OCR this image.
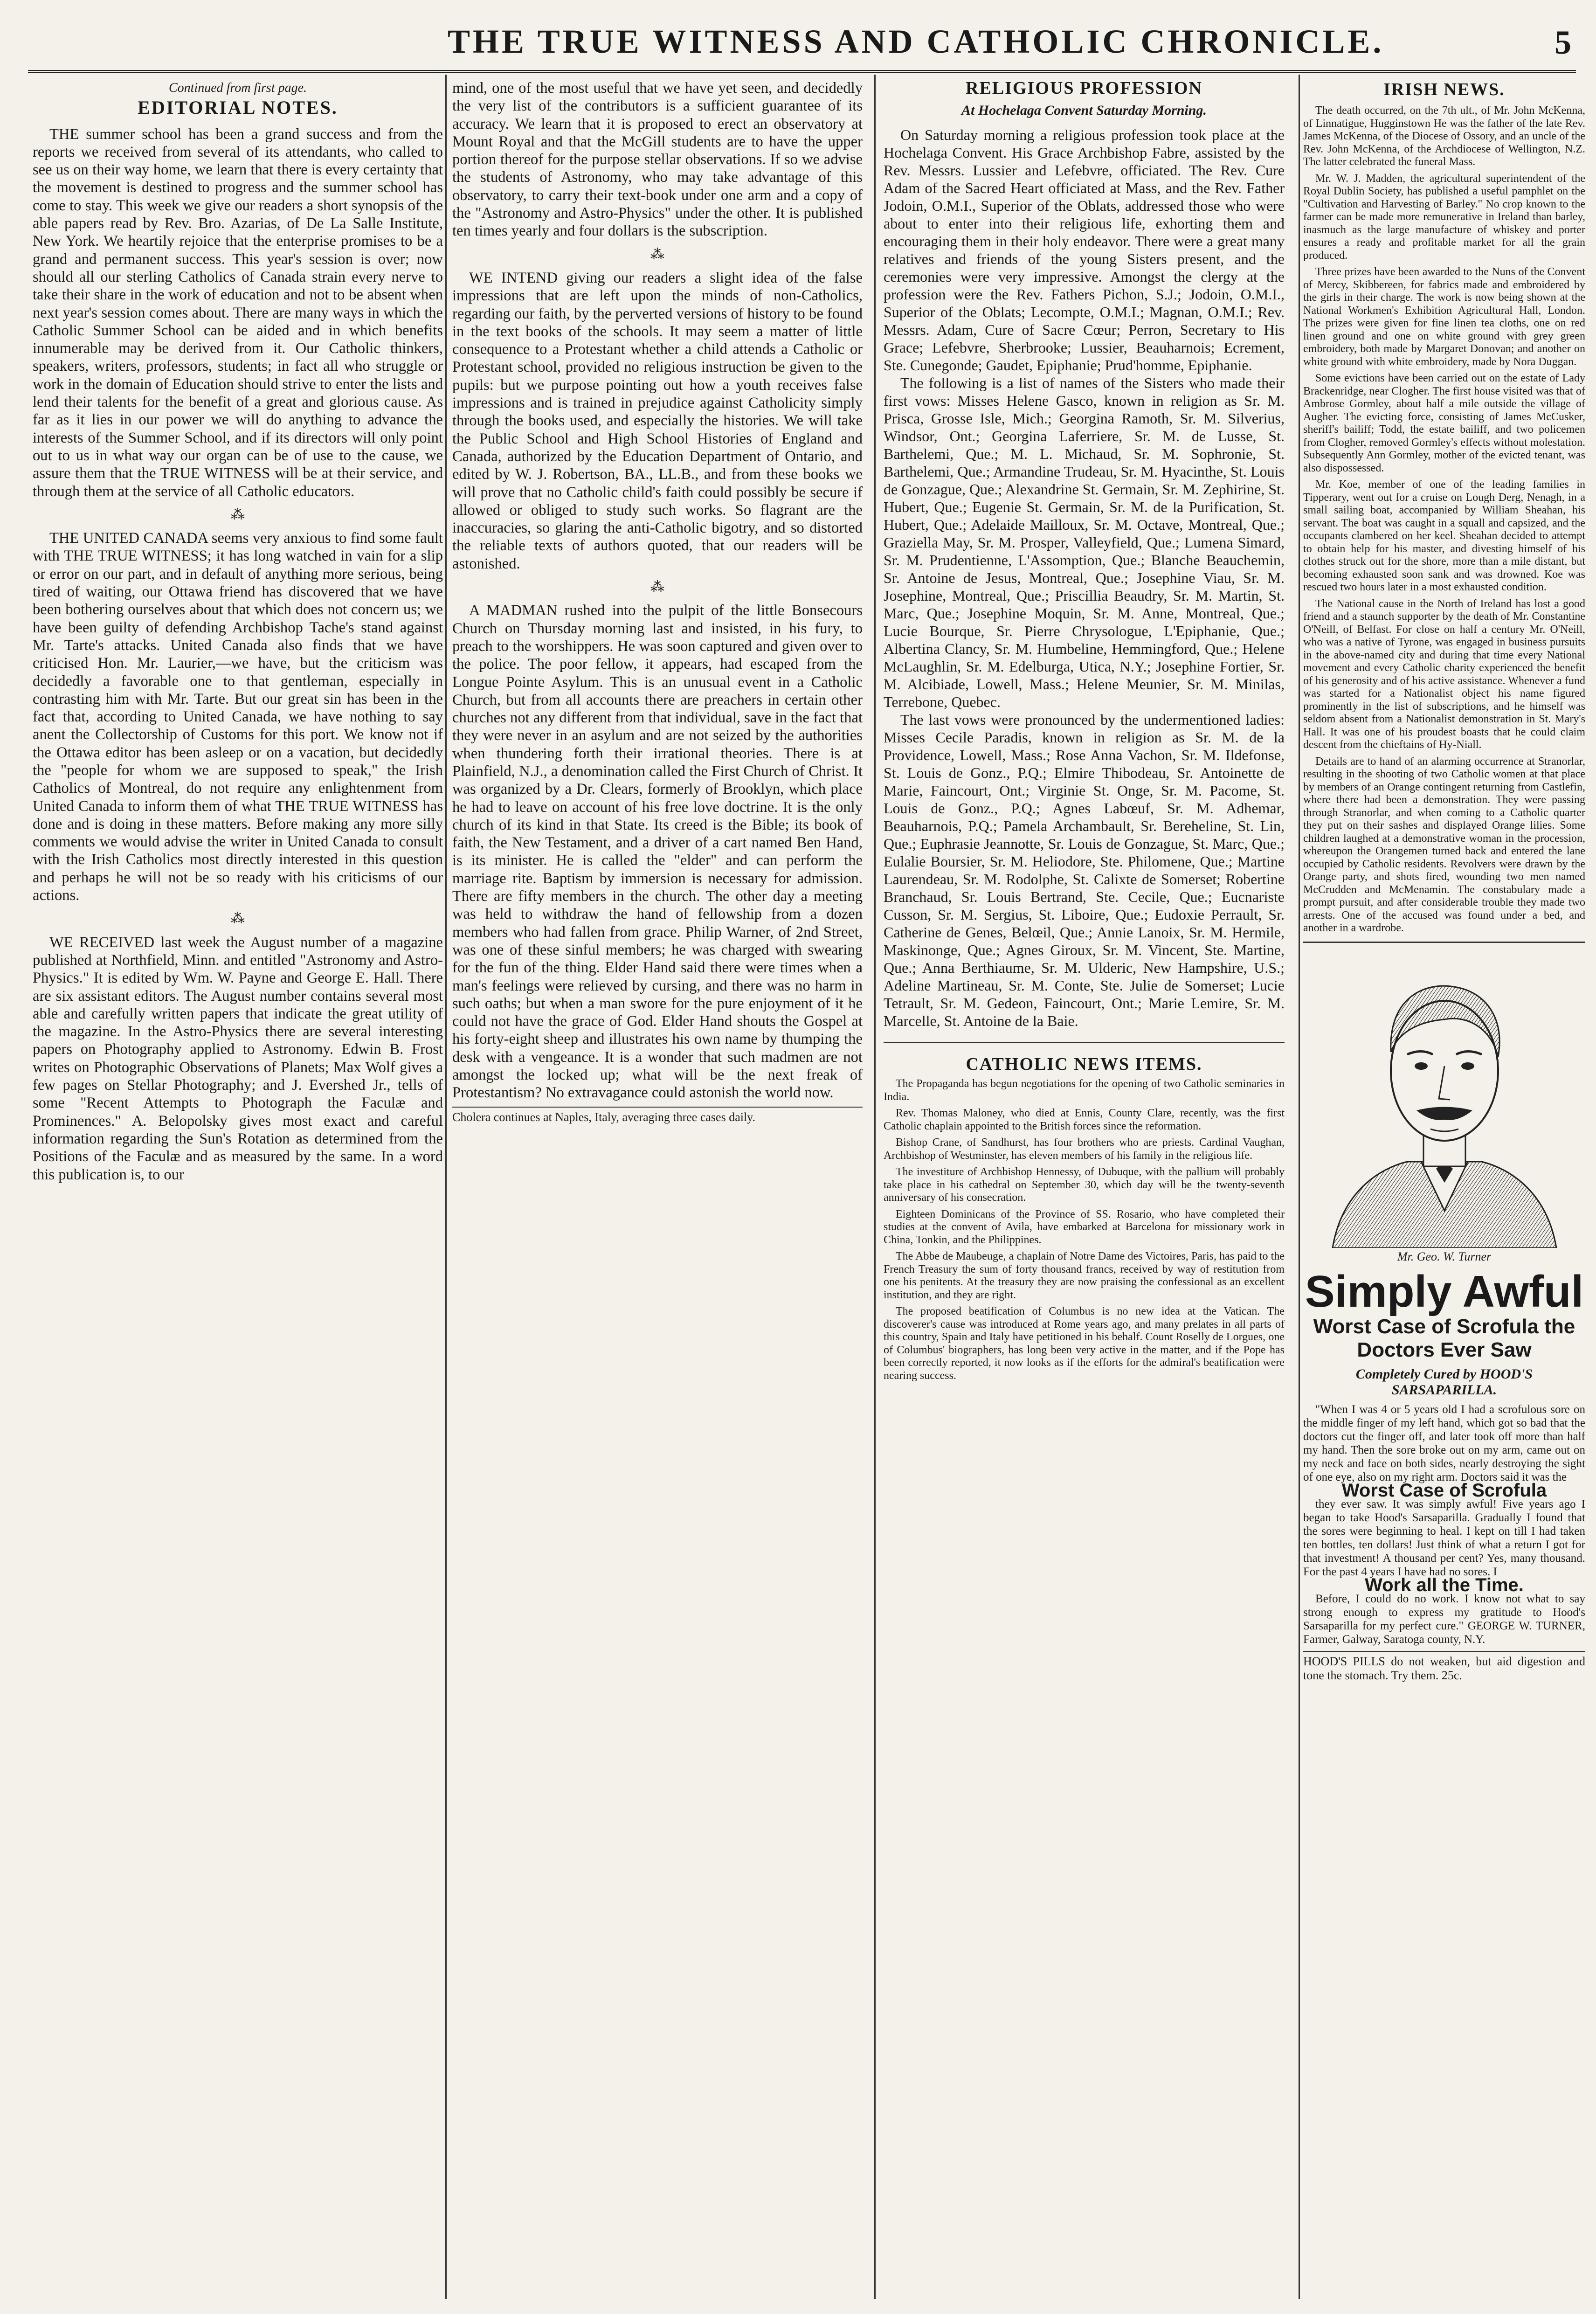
THE TRUE WITNESS AND CATHOLIC CHRONICLE.	5
Continued from first page.
EDITORIAL NOTES.

THE summer school has been a grand success and from the reports we received from several of its attendants, who called to see us on their way home, we learn that there is every certainty that the movement is destined to progress and the summer school has come to stay. This week we give our readers a short synopsis of the able papers read by Rev. Bro. Azarias, of De La Salle Institute, New York. We heartily rejoice that the enterprise promises to be a grand and permanent success. This year's session is over; now should all our sterling Catholics of Canada strain every nerve to take their share in the work of education and not to be absent when next year's session comes about. There are many ways in which the Catholic Summer School can be aided and in which benefits innumerable may be derived from it. Our Catholic thinkers, speakers, writers, professors, students; in fact all who struggle or work in the domain of Education should strive to enter the lists and lend their talents for the benefit of a great and glorious cause. As far as it lies in our power we will do anything to advance the interests of the Summer School, and if its directors will only point out to us in what way our organ can be of use to the cause, we assure them that the TRUE WITNESS will be at their service, and through them at the service of all Catholic educators.

⁂

THE UNITED CANADA seems very anxious to find some fault with THE TRUE WITNESS; it has long watched in vain for a slip or error on our part, and in default of anything more serious, being tired of waiting, our Ottawa friend has discovered that we have been bothering ourselves about that which does not concern us; we have been guilty of defending Archbishop Tache's stand against Mr. Tarte's attacks. United Canada also finds that we have criticised Hon. Mr. Laurier,—we have, but the criticism was decidedly a favorable one to that gentleman, especially in contrasting him with Mr. Tarte. But our great sin has been in the fact that, according to United Canada, we have nothing to say anent the Collectorship of Customs for this port. We know not if the Ottawa editor has been asleep or on a vacation, but decidedly the "people for whom we are supposed to speak," the Irish Catholics of Montreal, do not require any enlightenment from United Canada to inform them of what THE TRUE WITNESS has done and is doing in these matters. Before making any more silly comments we would advise the writer in United Canada to consult with the Irish Catholics most directly interested in this question and perhaps he will not be so ready with his criticisms of our actions.

⁂

WE RECEIVED last week the August number of a magazine published at Northfield, Minn. and entitled "Astronomy and Astro-Physics." It is edited by Wm. W. Payne and George E. Hall. There are six assistant editors. The August number contains several most able and carefully written papers that indicate the great utility of the magazine. In the Astro-Physics there are several interesting papers on Photography applied to Astronomy. Edwin B. Frost writes on Photographic Observations of Planets; Max Wolf gives a few pages on Stellar Photography; and J. Evershed Jr., tells of some "Recent Attempts to Photograph the Faculæ and Prominences." A. Belopolsky gives most exact and careful information regarding the Sun's Rotation as determined from the Positions of the Faculæ and as measured by the same. In a word this publication is, to our

mind, one of the most useful that we have yet seen, and decidedly the very list of the contributors is a sufficient guarantee of its accuracy. We learn that it is proposed to erect an observatory at Mount Royal and that the McGill students are to have the upper portion thereof for the purpose stellar observations. If so we advise the students of Astronomy, who may take advantage of this observatory, to carry their text-book under one arm and a copy of the "Astronomy and Astro-Physics" under the other. It is published ten times yearly and four dollars is the subscription.

⁂

WE INTEND giving our readers a slight idea of the false impressions that are left upon the minds of non-Catholics, regarding our faith, by the perverted versions of history to be found in the text books of the schools. It may seem a matter of little consequence to a Protestant whether a child attends a Catholic or Protestant school, provided no religious instruction be given to the pupils: but we purpose pointing out how a youth receives false impressions and is trained in prejudice against Catholicity simply through the books used, and especially the histories. We will take the Public School and High School Histories of England and Canada, authorized by the Education Department of Ontario, and edited by W. J. Robertson, BA., LL.B., and from these books we will prove that no Catholic child's faith could possibly be secure if allowed or obliged to study such works. So flagrant are the inaccuracies, so glaring the anti-Catholic bigotry, and so distorted the reliable texts of authors quoted, that our readers will be astonished.

⁂

A MADMAN rushed into the pulpit of the little Bonsecours Church on Thursday morning last and insisted, in his fury, to preach to the worshippers. He was soon captured and given over to the police. The poor fellow, it appears, had escaped from the Longue Pointe Asylum. This is an unusual event in a Catholic Church, but from all accounts there are preachers in certain other churches not any different from that individual, save in the fact that they were never in an asylum and are not seized by the authorities when thundering forth their irrational theories. There is at Plainfield, N.J., a denomination called the First Church of Christ. It was organized by a Dr. Clears, formerly of Brooklyn, which place he had to leave on account of his free love doctrine. It is the only church of its kind in that State. Its creed is the Bible; its book of faith, the New Testament, and a driver of a cart named Ben Hand, is its minister. He is called the "elder" and can perform the marriage rite. Baptism by immersion is necessary for admission. There are fifty members in the church. The other day a meeting was held to withdraw the hand of fellowship from a dozen members who had fallen from grace. Philip Warner, of 2nd Street, was one of these sinful members; he was charged with swearing for the fun of the thing. Elder Hand said there were times when a man's feelings were relieved by cursing, and there was no harm in such oaths; but when a man swore for the pure enjoyment of it he could not have the grace of God. Elder Hand shouts the Gospel at his forty-eight sheep and illustrates his own name by thumping the desk with a vengeance. It is a wonder that such madmen are not amongst the locked up; what will be the next freak of Protestantism? No extravagance could astonish the world now.

Cholera continues at Naples, Italy, averaging three cases daily.
RELIGIOUS PROFESSION
At Hochelaga Convent Saturday Morning.

On Saturday morning a religious profession took place at the Hochelaga Convent. His Grace Archbishop Fabre, assisted by the Rev. Messrs. Lussier and Lefebvre, officiated. The Rev. Cure Adam of the Sacred Heart officiated at Mass, and the Rev. Father Jodoin, O.M.I., Superior of the Oblats, addressed those who were about to enter into their religious life, exhorting them and encouraging them in their holy endeavor. There were a great many relatives and friends of the young Sisters present, and the ceremonies were very impressive. Amongst the clergy at the profession were the Rev. Fathers Pichon, S.J.; Jodoin, O.M.I., Superior of the Oblats; Lecompte, O.M.I.; Magnan, O.M.I.; Rev. Messrs. Adam, Cure of Sacre Cœur; Perron, Secretary to His Grace; Lefebvre, Sherbrooke; Lussier, Beauharnois; Ecrement, Ste. Cunegonde; Gaudet, Epiphanie; Prud'homme, Epiphanie.

The following is a list of names of the Sisters who made their first vows: Misses Helene Gasco, known in religion as Sr. M. Prisca, Grosse Isle, Mich.; Georgina Ramoth, Sr. M. Silverius, Windsor, Ont.; Georgina Laferriere, Sr. M. de Lusse, St. Barthelemi, Que.; M. L. Michaud, Sr. M. Sophronie, St. Barthelemi, Que.; Armandine Trudeau, Sr. M. Hyacinthe, St. Louis de Gonzague, Que.; Alexandrine St. Germain, Sr. M. Zephirine, St. Hubert, Que.; Eugenie St. Germain, Sr. M. de la Purification, St. Hubert, Que.; Adelaide Mailloux, Sr. M. Octave, Montreal, Que.; Graziella May, Sr. M. Prosper, Valleyfield, Que.; Lumena Simard, Sr. M. Prudentienne, L'Assomption, Que.; Blanche Beauchemin, Sr. Antoine de Jesus, Montreal, Que.; Josephine Viau, Sr. M. Josephine, Montreal, Que.; Priscillia Beaudry, Sr. M. Martin, St. Marc, Que.; Josephine Moquin, Sr. M. Anne, Montreal, Que.; Lucie Bourque, Sr. Pierre Chrysologue, L'Epiphanie, Que.; Albertina Clancy, Sr. M. Humbeline, Hemmingford, Que.; Helene McLaughlin, Sr. M. Edelburga, Utica, N.Y.; Josephine Fortier, Sr. M. Alcibiade, Lowell, Mass.; Helene Meunier, Sr. M. Minilas, Terrebone, Quebec.

The last vows were pronounced by the undermentioned ladies: Misses Cecile Paradis, known in religion as Sr. M. de la Providence, Lowell, Mass.; Rose Anna Vachon, Sr. M. Ildefonse, St. Louis de Gonz., P.Q.; Elmire Thibodeau, Sr. Antoinette de Marie, Faincourt, Ont.; Virginie St. Onge, Sr. M. Pacome, St. Louis de Gonz., P.Q.; Agnes Labœuf, Sr. M. Adhemar, Beauharnois, P.Q.; Pamela Archambault, Sr. Bereheline, St. Lin, Que.; Euphrasie Jeannotte, Sr. Louis de Gonzague, St. Marc, Que.; Eulalie Boursier, Sr. M. Heliodore, Ste. Philomene, Que.; Martine Laurendeau, Sr. M. Rodolphe, St. Calixte de Somerset; Robertine Branchaud, Sr. Louis Bertrand, Ste. Cecile, Que.; Eucnariste Cusson, Sr. M. Sergius, St. Liboire, Que.; Eudoxie Perrault, Sr. Catherine de Genes, Belœil, Que.; Annie Lanoix, Sr. M. Hermile, Maskinonge, Que.; Agnes Giroux, Sr. M. Vincent, Ste. Martine, Que.; Anna Berthiaume, Sr. M. Ulderic, New Hampshire, U.S.; Adeline Martineau, Sr. M. Conte, Ste. Julie de Somerset; Lucie Tetrault, Sr. M. Gedeon, Faincourt, Ont.; Marie Lemire, Sr. M. Marcelle, St. Antoine de la Baie.

CATHOLIC NEWS ITEMS.

The Propaganda has begun negotiations for the opening of two Catholic seminaries in India.

Rev. Thomas Maloney, who died at Ennis, County Clare, recently, was the first Catholic chaplain appointed to the British forces since the reformation.

Bishop Crane, of Sandhurst, has four brothers who are priests. Cardinal Vaughan, Archbishop of Westminster, has eleven members of his family in the religious life.

The investiture of Archbishop Hennessy, of Dubuque, with the pallium will probably take place in his cathedral on September 30, which day will be the twenty-seventh anniversary of his consecration.

Eighteen Dominicans of the Province of SS. Rosario, who have completed their studies at the convent of Avila, have embarked at Barcelona for missionary work in China, Tonkin, and the Philippines.

The Abbe de Maubeuge, a chaplain of Notre Dame des Victoires, Paris, has paid to the French Treasury the sum of forty thousand francs, received by way of restitution from one his penitents. At the treasury they are now praising the confessional as an excellent institution, and they are right.

The proposed beatification of Columbus is no new idea at the Vatican. The discoverer's cause was introduced at Rome years ago, and many prelates in all parts of this country, Spain and Italy have petitioned in his behalf. Count Roselly de Lorgues, one of Columbus' biographers, has long been very active in the matter, and if the Pope has been correctly reported, it now looks as if the efforts for the admiral's beatification were nearing success.

IRISH NEWS.

The death occurred, on the 7th ult., of Mr. John McKenna, of Linnatigue, Hugginstown He was the father of the late Rev. James McKenna, of the Diocese of Ossory, and an uncle of the Rev. John McKenna, of the Archdiocese of Wellington, N.Z. The latter celebrated the funeral Mass.

Mr. W. J. Madden, the agricultural superintendent of the Royal Dublin Society, has published a useful pamphlet on the "Cultivation and Harvesting of Barley." No crop known to the farmer can be made more remunerative in Ireland than barley, inasmuch as the large manufacture of whiskey and porter ensures a ready and profitable market for all the grain produced.

Three prizes have been awarded to the Nuns of the Convent of Mercy, Skibbereen, for fabrics made and embroidered by the girls in their charge. The work is now being shown at the National Workmen's Exhibition Agricultural Hall, London. The prizes were given for fine linen tea cloths, one on red linen ground and one on white ground with grey green embroidery, both made by Margaret Donovan; and another on white ground with white embroidery, made by Nora Duggan.

Some evictions have been carried out on the estate of Lady Brackenridge, near Clogher. The first house visited was that of Ambrose Gormley, about half a mile outside the village of Augher. The evicting force, consisting of James McCusker, sheriff's bailiff; Todd, the estate bailiff, and two policemen from Clogher, removed Gormley's effects without molestation. Subsequently Ann Gormley, mother of the evicted tenant, was also dispossessed.

Mr. Koe, member of one of the leading families in Tipperary, went out for a cruise on Lough Derg, Nenagh, in a small sailing boat, accompanied by William Sheahan, his servant. The boat was caught in a squall and capsized, and the occupants clambered on her keel. Sheahan decided to attempt to obtain help for his master, and divesting himself of his clothes struck out for the shore, more than a mile distant, but becoming exhausted soon sank and was drowned. Koe was rescued two hours later in a most exhausted condition.

The National cause in the North of Ireland has lost a good friend and a staunch supporter by the death of Mr. Constantine O'Neill, of Belfast. For close on half a century Mr. O'Neill, who was a native of Tyrone, was engaged in business pursuits in the above-named city and during that time every National movement and every Catholic charity experienced the benefit of his generosity and of his active assistance. Whenever a fund was started for a Nationalist object his name figured prominently in the list of subscriptions, and he himself was seldom absent from a Nationalist demonstration in St. Mary's Hall. It was one of his proudest boasts that he could claim descent from the chieftains of Hy-Niall.

Details are to hand of an alarming occurrence at Stranorlar, resulting in the shooting of two Catholic women at that place by members of an Orange contingent returning from Castlefin, where there had been a demonstration. They were passing through Stranorlar, and when coming to a Catholic quarter they put on their sashes and displayed Orange lilies. Some children laughed at a demonstrative woman in the procession, whereupon the Orangemen turned back and entered the lane occupied by Catholic residents. Revolvers were drawn by the Orange party, and shots fired, wounding two men named McCrudden and McMenamin. The constabulary made a prompt pursuit, and after considerable trouble they made two arrests. One of the accused was found under a bed, and another in a wardrobe.

Mr. Geo. W. Turner
Simply Awful
Worst Case of Scrofula the Doctors Ever Saw
Completely Cured by HOOD'S SARSAPARILLA.

"When I was 4 or 5 years old I had a scrofulous sore on the middle finger of my left hand, which got so bad that the doctors cut the finger off, and later took off more than half my hand. Then the sore broke out on my arm, came out on my neck and face on both sides, nearly destroying the sight of one eye, also on my right arm. Doctors said it was the

Worst Case of Scrofula

they ever saw. It was simply awful! Five years ago I began to take Hood's Sarsaparilla. Gradually I found that the sores were beginning to heal. I kept on till I had taken ten bottles, ten dollars! Just think of what a return I got for that investment! A thousand per cent? Yes, many thousand. For the past 4 years I have had no sores. I

Work all the Time.

Before, I could do no work. I know not what to say strong enough to express my gratitude to Hood's Sarsaparilla for my perfect cure." GEORGE W. TURNER, Farmer, Galway, Saratoga county, N.Y.

HOOD'S PILLS do not weaken, but aid digestion and tone the stomach. Try them. 25c.
